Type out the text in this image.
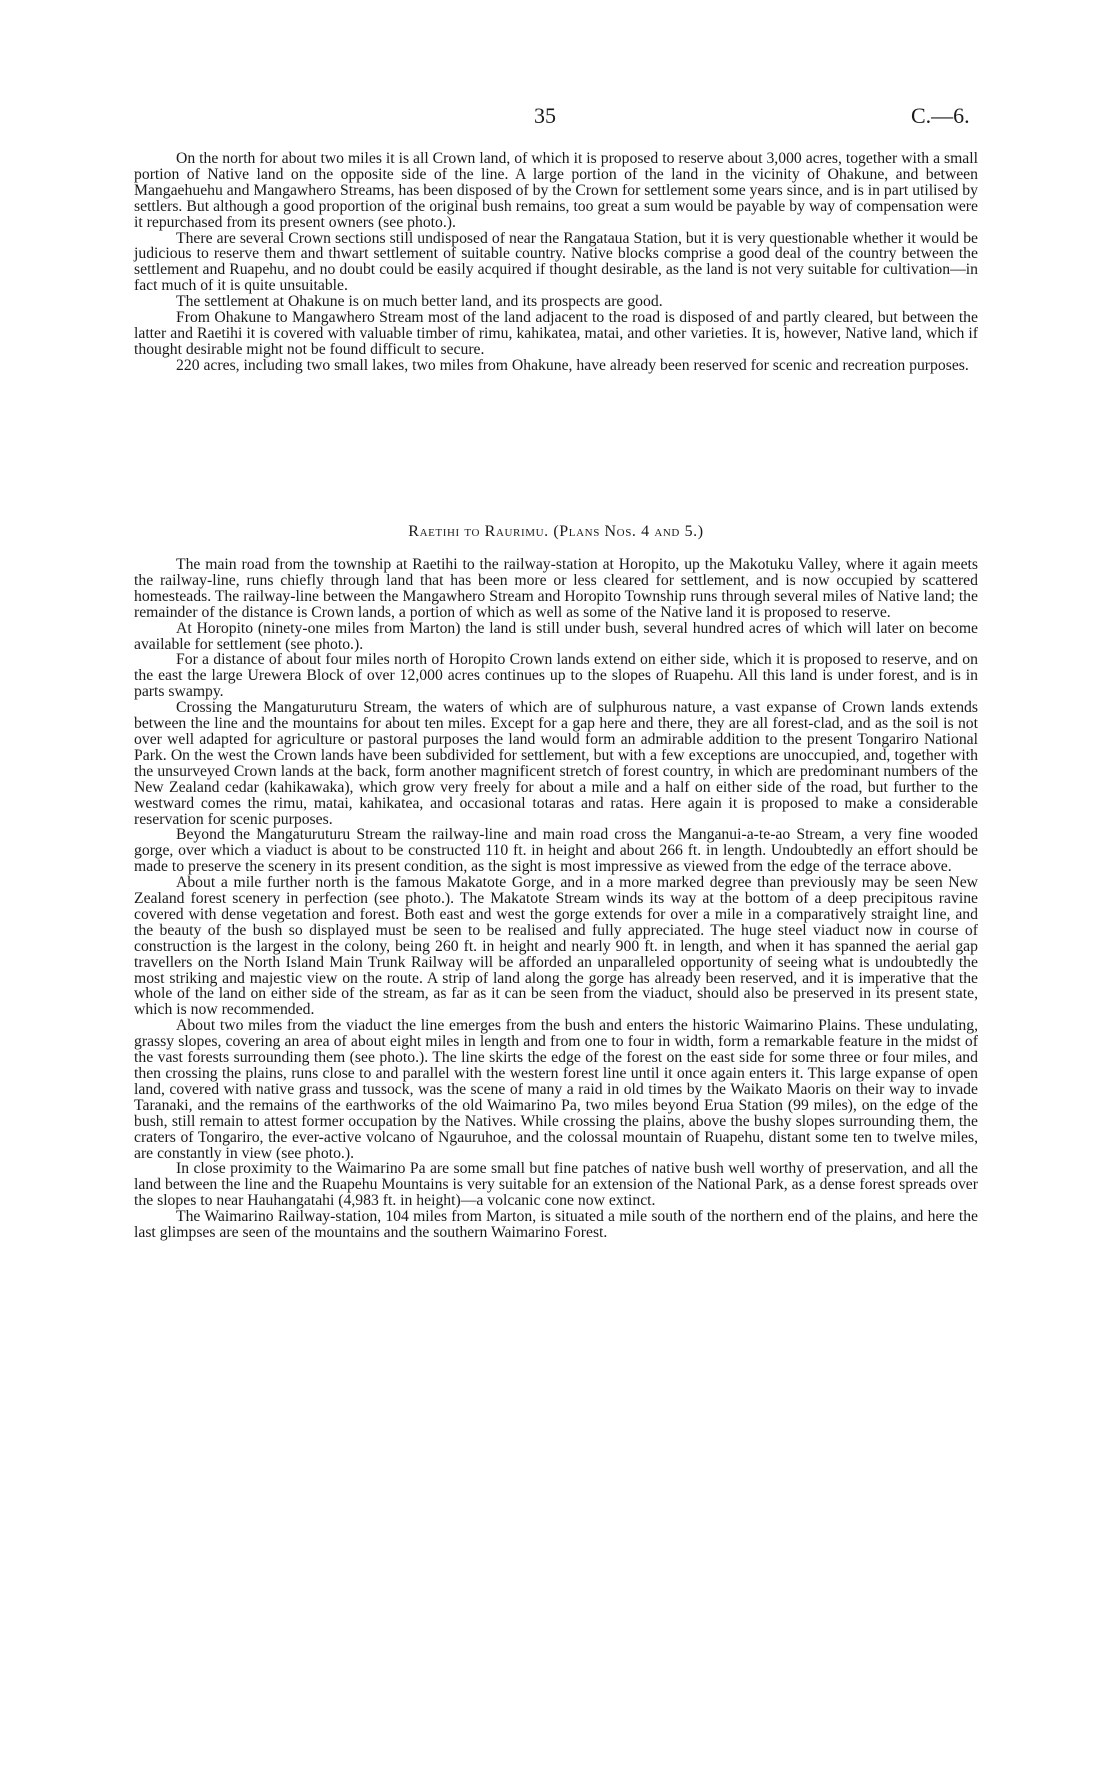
35	C.—6.

On the north for about two miles it is all Crown land, of which it is proposed to reserve about 3,000 acres, together with a small portion of Native land on the opposite side of the line. A large portion of the land in the vicinity of Ohakune, and between Mangaehuehu and Mangawhero Streams, has been disposed of by the Crown for settlement some years since, and is in part utilised by settlers. But although a good proportion of the original bush remains, too great a sum would be payable by way of compensation were it repurchased from its present owners (see photo.).

There are several Crown sections still undisposed of near the Rangataua Station, but it is very questionable whether it would be judicious to reserve them and thwart settlement of suitable country. Native blocks comprise a good deal of the country between the settlement and Ruapehu, and no doubt could be easily acquired if thought desirable, as the land is not very suitable for cultivation—in fact much of it is quite unsuitable.

The settlement at Ohakune is on much better land, and its prospects are good.

From Ohakune to Mangawhero Stream most of the land adjacent to the road is disposed of and partly cleared, but between the latter and Raetihi it is covered with valuable timber of rimu, kahikatea, matai, and other varieties. It is, however, Native land, which if thought desirable might not be found difficult to secure.

220 acres, including two small lakes, two miles from Ohakune, have already been reserved for scenic and recreation purposes.

Raetihi to Raurimu. (Plans Nos. 4 and 5.)

The main road from the township at Raetihi to the railway-station at Horopito, up the Makotuku Valley, where it again meets the railway-line, runs chiefly through land that has been more or less cleared for settlement, and is now occupied by scattered homesteads. The railway-line between the Mangawhero Stream and Horopito Township runs through several miles of Native land; the remainder of the distance is Crown lands, a portion of which as well as some of the Native land it is proposed to reserve.

At Horopito (ninety-one miles from Marton) the land is still under bush, several hundred acres of which will later on become available for settlement (see photo.).

For a distance of about four miles north of Horopito Crown lands extend on either side, which it is proposed to reserve, and on the east the large Urewera Block of over 12,000 acres continues up to the slopes of Ruapehu. All this land is under forest, and is in parts swampy.

Crossing the Mangaturuturu Stream, the waters of which are of sulphurous nature, a vast expanse of Crown lands extends between the line and the mountains for about ten miles. Except for a gap here and there, they are all forest-clad, and as the soil is not over well adapted for agriculture or pastoral purposes the land would form an admirable addition to the present Tongariro National Park. On the west the Crown lands have been subdivided for settlement, but with a few exceptions are unoccupied, and, together with the unsurveyed Crown lands at the back, form another magnificent stretch of forest country, in which are predominant numbers of the New Zealand cedar (kahikawaka), which grow very freely for about a mile and a half on either side of the road, but further to the westward comes the rimu, matai, kahikatea, and occasional totaras and ratas. Here again it is proposed to make a considerable reservation for scenic purposes.

Beyond the Mangaturuturu Stream the railway-line and main road cross the Manganui-a-te-ao Stream, a very fine wooded gorge, over which a viaduct is about to be constructed 110 ft. in height and about 266 ft. in length. Undoubtedly an effort should be made to preserve the scenery in its present condition, as the sight is most impressive as viewed from the edge of the terrace above.

About a mile further north is the famous Makatote Gorge, and in a more marked degree than previously may be seen New Zealand forest scenery in perfection (see photo.). The Makatote Stream winds its way at the bottom of a deep precipitous ravine covered with dense vegetation and forest. Both east and west the gorge extends for over a mile in a comparatively straight line, and the beauty of the bush so displayed must be seen to be realised and fully appreciated. The huge steel viaduct now in course of construction is the largest in the colony, being 260 ft. in height and nearly 900 ft. in length, and when it has spanned the aerial gap travellers on the North Island Main Trunk Railway will be afforded an unparalleled opportunity of seeing what is undoubtedly the most striking and majestic view on the route. A strip of land along the gorge has already been reserved, and it is imperative that the whole of the land on either side of the stream, as far as it can be seen from the viaduct, should also be preserved in its present state, which is now recommended.

About two miles from the viaduct the line emerges from the bush and enters the historic Waimarino Plains. These undulating, grassy slopes, covering an area of about eight miles in length and from one to four in width, form a remarkable feature in the midst of the vast forests surrounding them (see photo.). The line skirts the edge of the forest on the east side for some three or four miles, and then crossing the plains, runs close to and parallel with the western forest line until it once again enters it. This large expanse of open land, covered with native grass and tussock, was the scene of many a raid in old times by the Waikato Maoris on their way to invade Taranaki, and the remains of the earthworks of the old Waimarino Pa, two miles beyond Erua Station (99 miles), on the edge of the bush, still remain to attest former occupation by the Natives. While crossing the plains, above the bushy slopes surrounding them, the craters of Tongariro, the ever-active volcano of Ngauruhoe, and the colossal mountain of Ruapehu, distant some ten to twelve miles, are constantly in view (see photo.).

In close proximity to the Waimarino Pa are some small but fine patches of native bush well worthy of preservation, and all the land between the line and the Ruapehu Mountains is very suitable for an extension of the National Park, as a dense forest spreads over the slopes to near Hauhangatahi (4,983 ft. in height)—a volcanic cone now extinct.

The Waimarino Railway-station, 104 miles from Marton, is situated a mile south of the northern end of the plains, and here the last glimpses are seen of the mountains and the southern Waimarino Forest.
